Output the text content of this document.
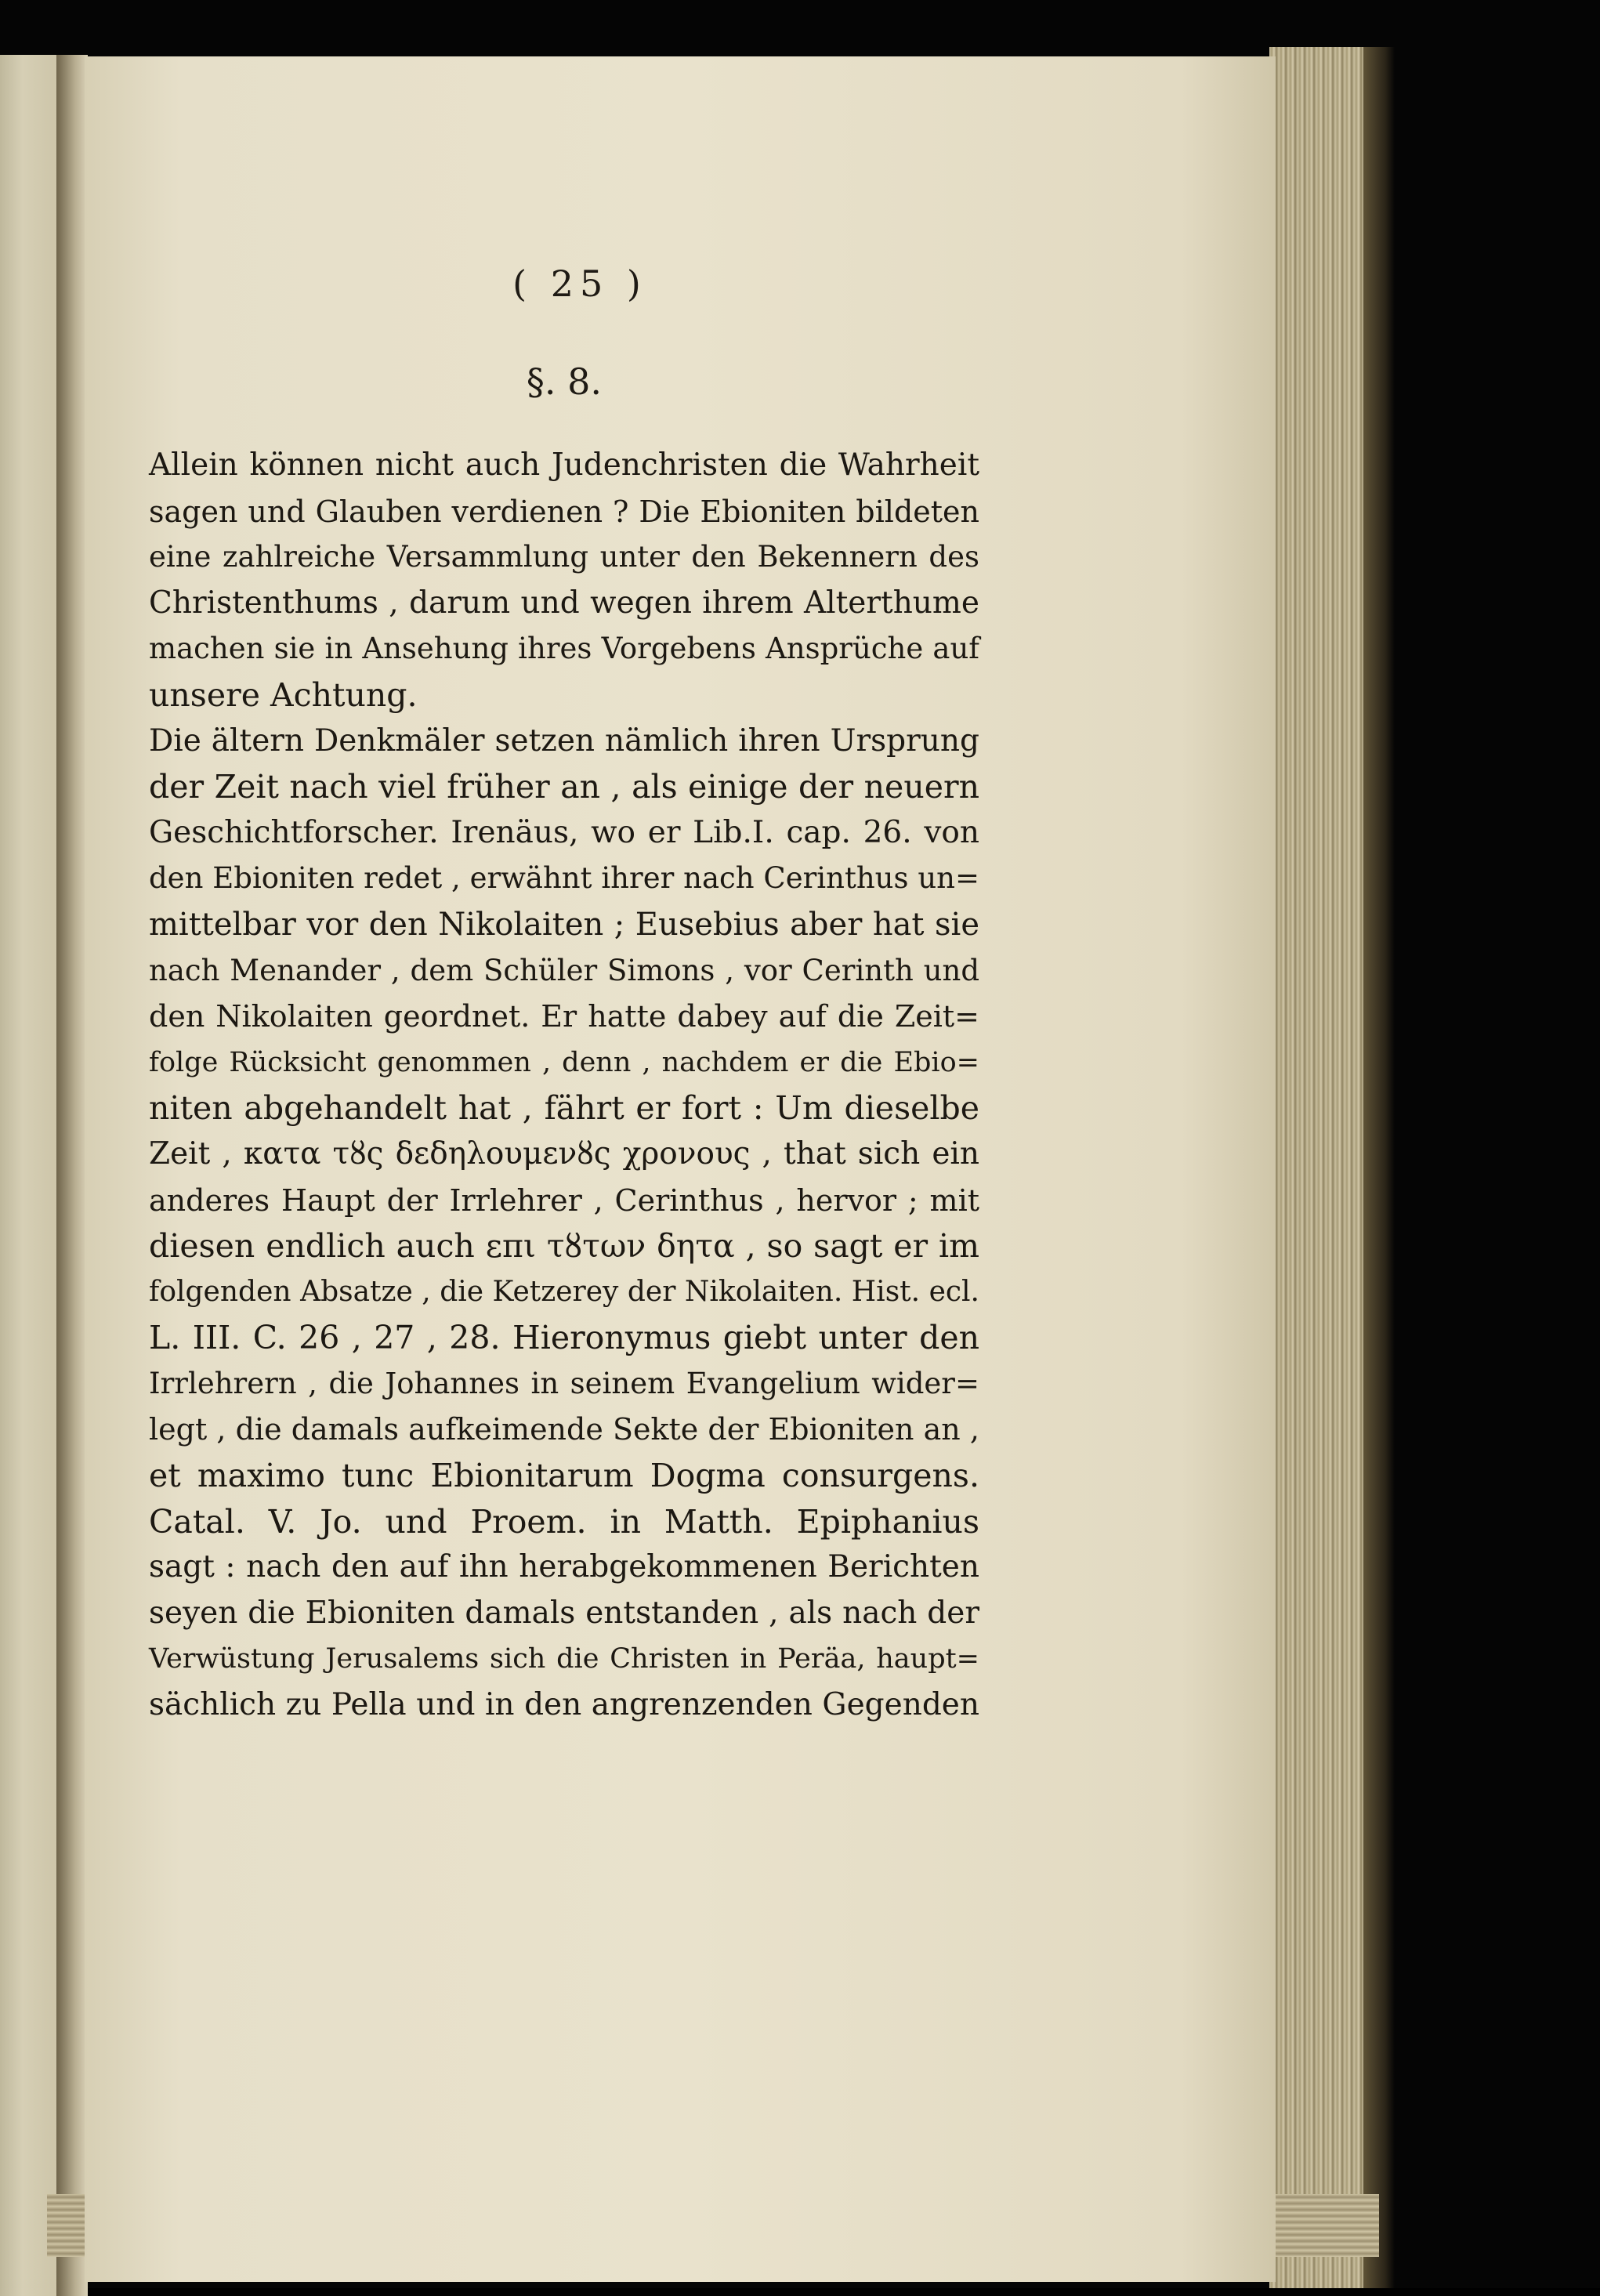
( 25 )
§. 8.
Allein können nicht auch Judenchristen die Wahrheit
sagen und Glauben verdienen ? Die Ebioniten bildeten
eine zahlreiche Versammlung unter den Bekennern des
Christenthums , darum und wegen ihrem Alterthume
machen sie in Ansehung ihres Vorgebens Ansprüche auf
unsere Achtung.
Die ältern Denkmäler setzen nämlich ihren Ursprung
der Zeit nach viel früher an , als einige der neuern
Geschichtforscher. Irenäus, wo er Lib.I. cap. 26. von
den Ebioniten redet , erwähnt ihrer nach Cerinthus un=
mittelbar vor den Nikolaiten ; Eusebius aber hat sie
nach Menander , dem Schüler Simons , vor Cerinth und
den Nikolaiten geordnet. Er hatte dabey auf die Zeit=
folge Rücksicht genommen , denn , nachdem er die Ebio=
niten abgehandelt hat , fährt er fort : Um dieselbe
Zeit , κατα τȣς δεδηλουμενȣς χρονους , that sich ein
anderes Haupt der Irrlehrer , Cerinthus , hervor ; mit
diesen endlich auch επι τȣτων δητα , so sagt er im
folgenden Absatze , die Ketzerey der Nikolaiten. Hist. ecl.
L. III. C. 26 , 27 , 28. Hieronymus giebt unter den
Irrlehrern , die Johannes in seinem Evangelium wider=
legt , die damals aufkeimende Sekte der Ebioniten an ,
et maximo tunc Ebionitarum Dogma consurgens.
Catal. V. Jo. und Proem. in Matth. Epiphanius
sagt : nach den auf ihn herabgekommenen Berichten
seyen die Ebioniten damals entstanden , als nach der
Verwüstung Jerusalems sich die Christen in Peräa, haupt=
sächlich zu Pella und in den angrenzenden Gegenden
